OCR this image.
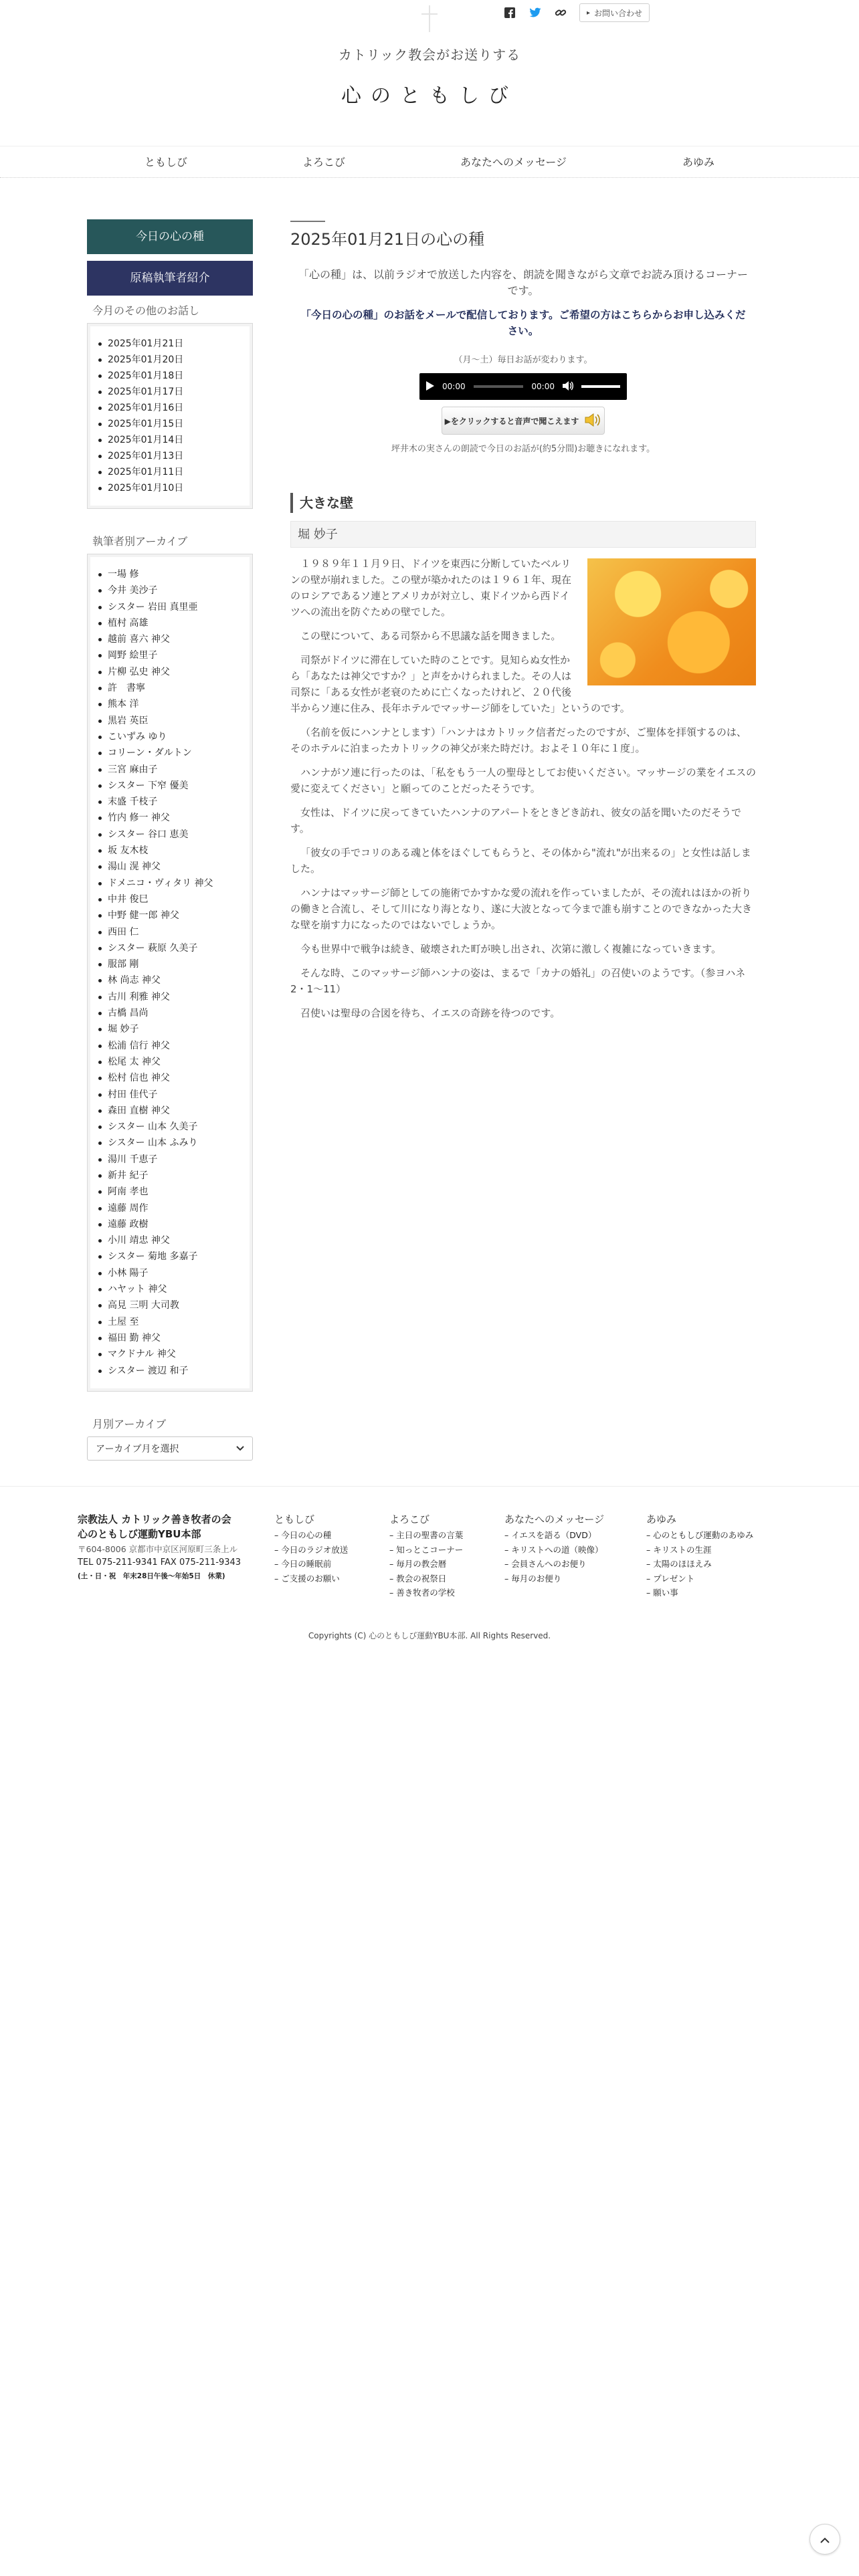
▸ お問い合わせ
カトリック教会がお送りする
心のともしび
ともしび	よろこび	あなたへのメッセージ	あゆみ
今日の心の種
原稿執筆者紹介
今月のその他のお話し
2025年01月21日
2025年01月20日
2025年01月18日
2025年01月17日
2025年01月16日
2025年01月15日
2025年01月14日
2025年01月13日
2025年01月11日
2025年01月10日
執筆者別アーカイブ
一場 修
今井 美沙子
シスター 岩田 真里亜
植村 高雄
越前 喜六 神父
岡野 絵里子
片柳 弘史 神父
許　書寧
熊本 洋
黒岩 英臣
こいずみ ゆり
コリーン・ダルトン
三宮 麻由子
シスター 下窄 優美
末盛 千枝子
竹内 修一 神父
シスター 谷口 恵美
坂 友木枝
湯山 滉 神父
ドメニコ・ヴィタリ 神父
中井 俊巳
中野 健一郎 神父
西田 仁
シスター 萩原 久美子
服部 剛
林 尚志 神父
古川 利雅 神父
古橋 昌尚
堀 妙子
松浦 信行 神父
松尾 太 神父
松村 信也 神父
村田 佳代子
森田 直樹 神父
シスター 山本 久美子
シスター 山本 ふみり
湯川 千恵子
新井 紀子
阿南 孝也
遠藤 周作
遠藤 政樹
小川 靖忠 神父
シスター 菊地 多嘉子
小林 陽子
ハヤット 神父
高見 三明 大司教
土屋 至
福田 勤 神父
マクドナル 神父
シスター 渡辺 和子
月別アーカイブ
アーカイブ月を選択
2025年01月21日の心の種

「心の種」は、以前ラジオで放送した内容を、朗読を聞きながら文章でお読み頂けるコーナーです。

「今日の心の種」のお話をメールで配信しております。ご希望の方はこちらからお申し込みください。

（月〜土）毎日お話が変わります。

00:00	00:00
▶をクリックすると音声で聞こえます

坪井木の実さんの朗読で今日のお話が(約5分間)お聴きになれます。

大きな壁
堀 妙子

１９８９年１１月９日、ドイツを東西に分断していたベルリンの壁が崩れました。この壁が築かれたのは１９６１年、現在のロシアであるソ連とアメリカが対立し、東ドイツから西ドイツへの流出を防ぐための壁でした。

この壁について、ある司祭から不思議な話を聞きました。

司祭がドイツに滞在していた時のことです。見知らぬ女性から「あなたは神父ですか？」と声をかけられました。その人は司祭に「ある女性が老衰のために亡くなったけれど、２０代後半からソ連に住み、長年ホテルでマッサージ師をしていた」というのです。

（名前を仮にハンナとします）「ハンナはカトリック信者だったのですが、ご聖体を拝領するのは、そのホテルに泊まったカトリックの神父が来た時だけ。およそ１０年に１度」。

ハンナがソ連に行ったのは、「私をもう一人の聖母としてお使いください。マッサージの業をイエスの愛に変えてください」と願ってのことだったそうです。

女性は、ドイツに戻ってきていたハンナのアパートをときどき訪れ、彼女の話を聞いたのだそうです。

「彼女の手でコリのある魂と体をほぐしてもらうと、その体から"流れ"が出来るの」と女性は話しました。

ハンナはマッサージ師としての施術でかすかな愛の流れを作っていましたが、その流れはほかの祈りの働きと合流し、そして川になり海となり、遂に大波となって今まで誰も崩すことのできなかった大きな壁を崩す力になったのではないでしょうか。

今も世界中で戦争は続き、破壊された町が映し出され、次第に激しく複雑になっていきます。

そんな時、このマッサージ師ハンナの姿は、まるで「カナの婚礼」の召使いのようです。（参ヨハネ2・1〜11）

召使いは聖母の合図を待ち、イエスの奇跡を待つのです。

宗教法人 カトリック善き牧者の会
心のともしび運動YBU本部
〒604-8006 京都市中京区河原町三条上ル
TEL 075-211-9341 FAX 075-211-9343
(土・日・祝　年末28日午後〜年始5日　休業)
ともしび
– 今日の心の種
– 今日のラジオ放送
– 今日の睡眠前
– ご支援のお願い
よろこび
– 主日の聖書の言葉
– 知っとこコーナー
– 毎月の教会暦
– 教会の祝祭日
– 善き牧者の学校
あなたへのメッセージ
– イエスを語る（DVD）
– キリストへの道（映像）
– 会員さんへのお便り
– 毎月のお便り
あゆみ
– 心のともしび運動のあゆみ
– キリストの生涯
– 太陽のほほえみ
– プレゼント
– 願い事
Copyrights (C) 心のともしび運動YBU本部. All Rights Reserved.
